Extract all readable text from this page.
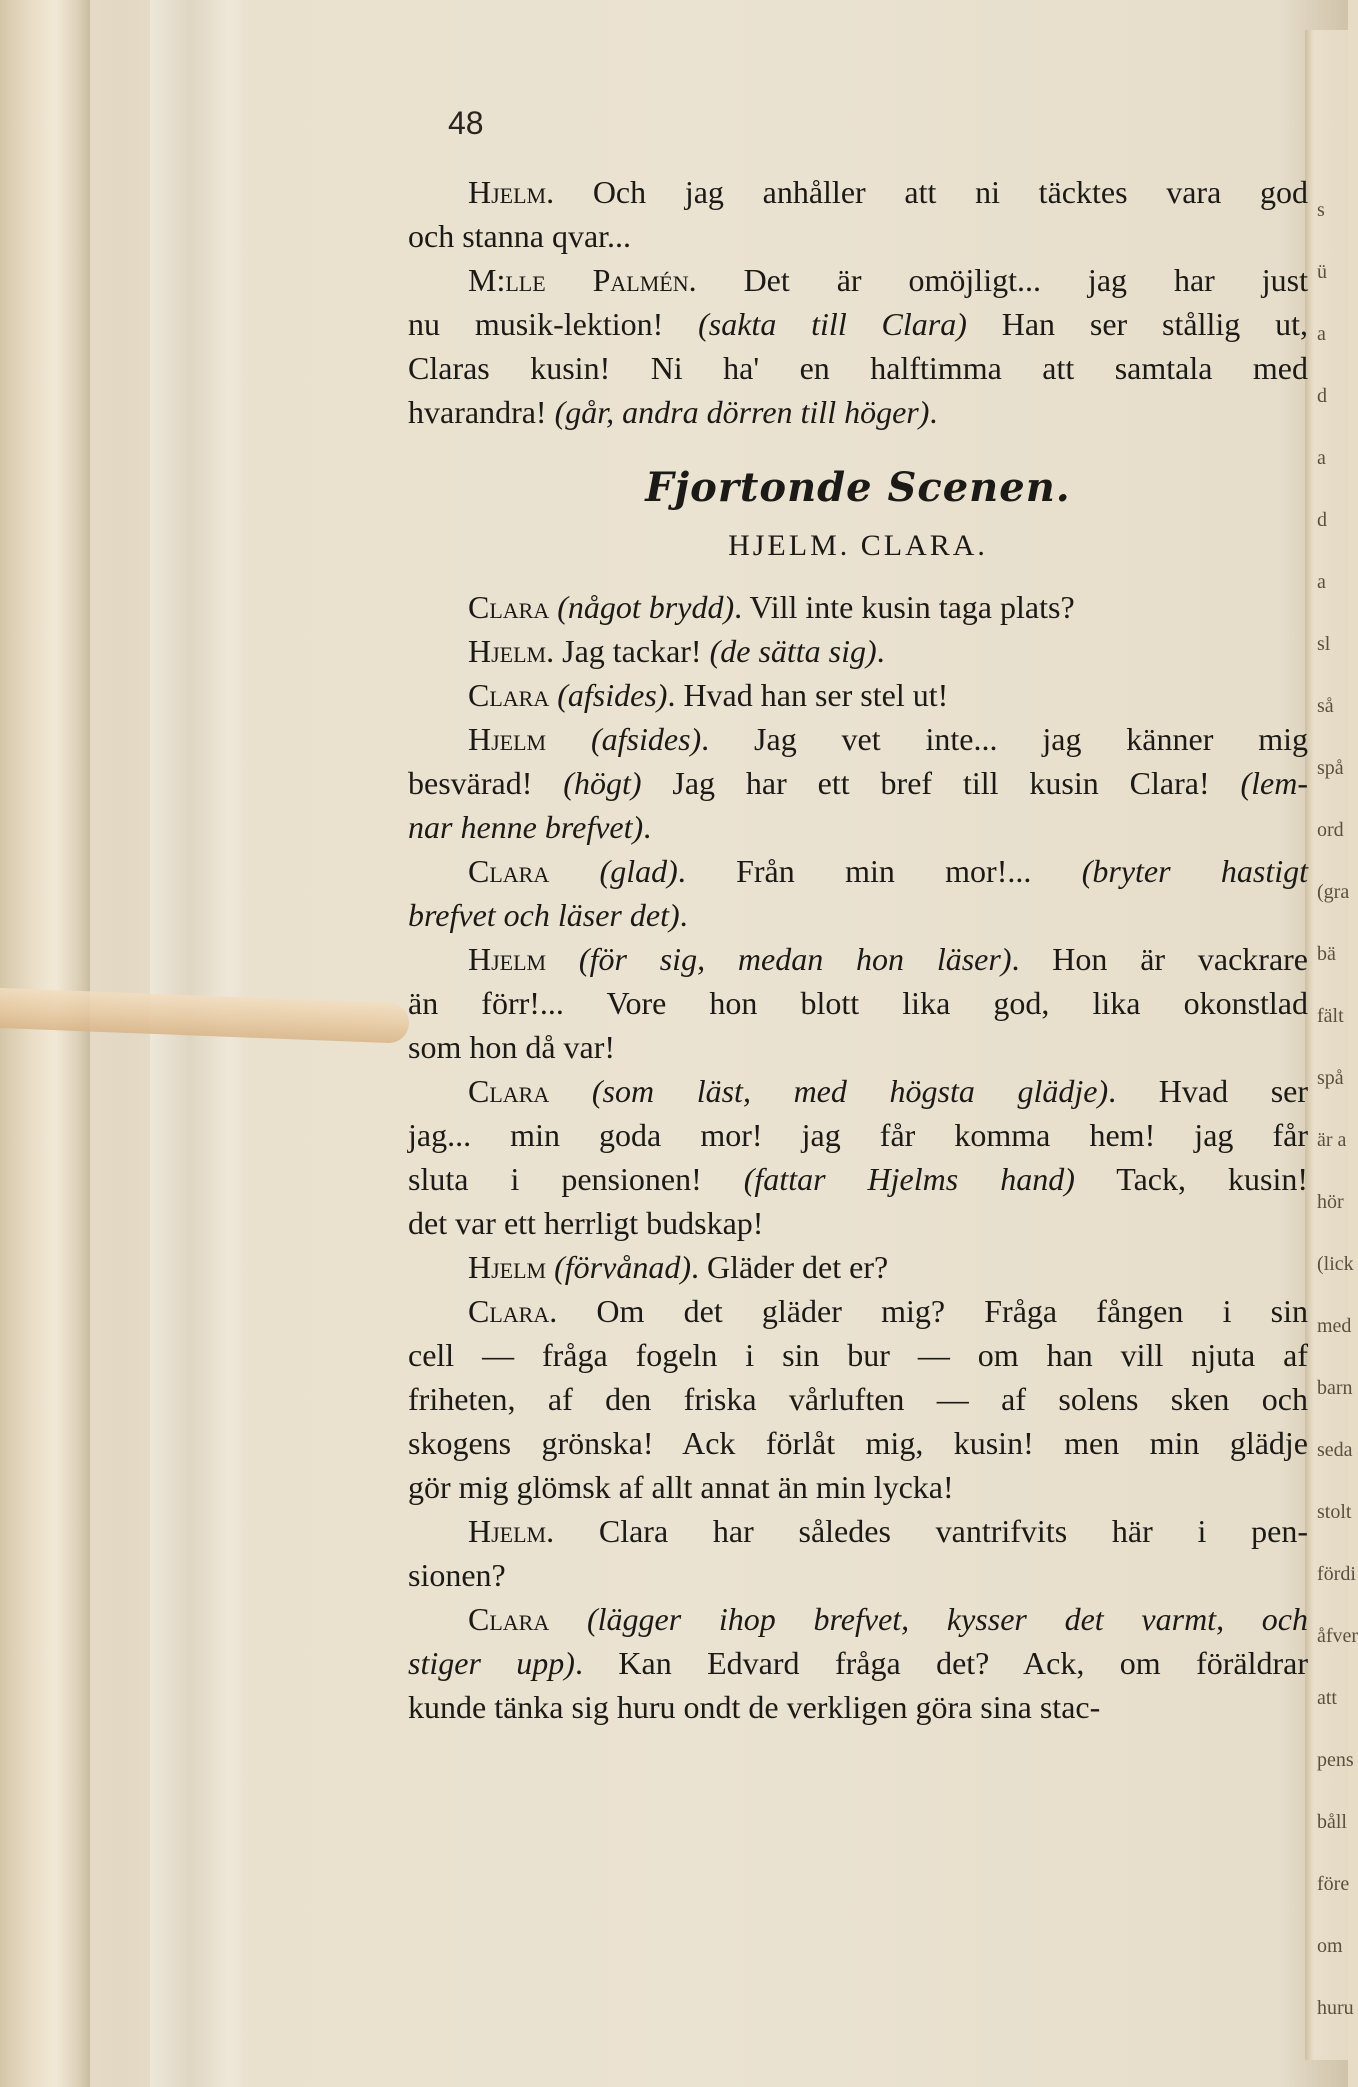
s
ü
a
d
a
d
a
sl
så
spå
ord
(gra
bä
fält
spå
är a
hör
(lick
med
barn
seda
stolt
fördi
åfver
att
pens
båll
före
om
huru
48
Hjelm. Och jag anhåller att ni täcktes vara god
och stanna qvar...
M:lle Palmén. Det är omöjligt... jag har just
nu musik-lektion! (sakta till Clara) Han ser stållig ut,
Claras kusin! Ni ha' en halftimma att samtala med
hvarandra! (går, andra dörren till höger).
Fjortonde Scenen.
HJELM. CLARA.
Clara (något brydd). Vill inte kusin taga plats?
Hjelm. Jag tackar! (de sätta sig).
Clara (afsides). Hvad han ser stel ut!
Hjelm (afsides). Jag vet inte... jag känner mig
besvärad! (högt) Jag har ett bref till kusin Clara! (lem-
nar henne brefvet).
Clara (glad). Från min mor!... (bryter hastigt
brefvet och läser det).
Hjelm (för sig, medan hon läser). Hon är vackrare
än förr!... Vore hon blott lika god, lika okonstlad
som hon då var!
Clara (som läst, med högsta glädje). Hvad ser
jag... min goda mor! jag får komma hem! jag får
sluta i pensionen! (fattar Hjelms hand) Tack, kusin!
det var ett herrligt budskap!
Hjelm (förvånad). Gläder det er?
Clara. Om det gläder mig? Fråga fången i sin
cell — fråga fogeln i sin bur — om han vill njuta af
friheten, af den friska vårluften — af solens sken och
skogens grönska! Ack förlåt mig, kusin! men min glädje
gör mig glömsk af allt annat än min lycka!
Hjelm. Clara har således vantrifvits här i pen-
sionen?
Clara (lägger ihop brefvet, kysser det varmt, och
stiger upp). Kan Edvard fråga det? Ack, om föräldrar
kunde tänka sig huru ondt de verkligen göra sina stac-
